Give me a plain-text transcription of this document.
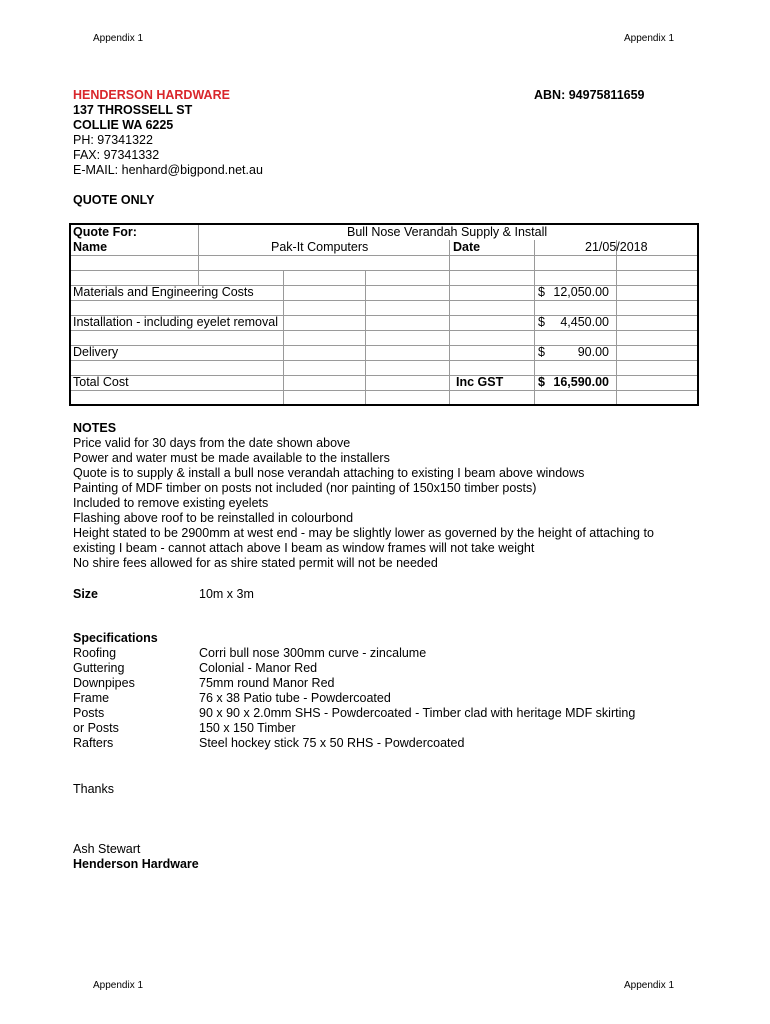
Appendix 1	Appendix 1
HENDERSON HARDWARE	ABN: 94975811659
137 THROSSELL ST
COLLIE WA 6225
PH: 97341322
FAX: 97341332
E-MAIL: henhard@bigpond.net.au
QUOTE ONLY
Quote For:	Bull Nose Verandah Supply & Install
Name	Pak-It Computers	Date	21/05/2018
Materials and Engineering Costs	$ 12,050.00
Installation - including eyelet removal	$ 4,450.00
Delivery	$	90.00
Total Cost	Inc GST	$ 16,590.00
NOTES
Price valid for 30 days from the date shown above
Power and water must be made available to the installers
Quote is to supply & install a bull nose verandah attaching to existing I beam above windows
Painting of MDF timber on posts not included (nor painting of 150x150 timber posts)
Included to remove existing eyelets
Flashing above roof to be reinstalled in colourbond
Height stated to be 2900mm at west end - may be slightly lower as governed by the height of attaching to
existing I beam - cannot attach above I beam as window frames will not take weight
No shire fees allowed for as shire stated permit will not be needed
Size	10m x 3m
Specifications
Roofing	Corri bull nose 300mm curve - zincalume
Guttering	Colonial - Manor Red
Downpipes	75mm round Manor Red
Frame	76 x 38 Patio tube - Powdercoated
Posts	90 x 90 x 2.0mm SHS - Powdercoated - Timber clad with heritage MDF skirting
or Posts	150 x 150 Timber
Rafters	Steel hockey stick 75 x 50 RHS - Powdercoated
Thanks
Ash Stewart
Henderson Hardware
Appendix 1	Appendix 1
